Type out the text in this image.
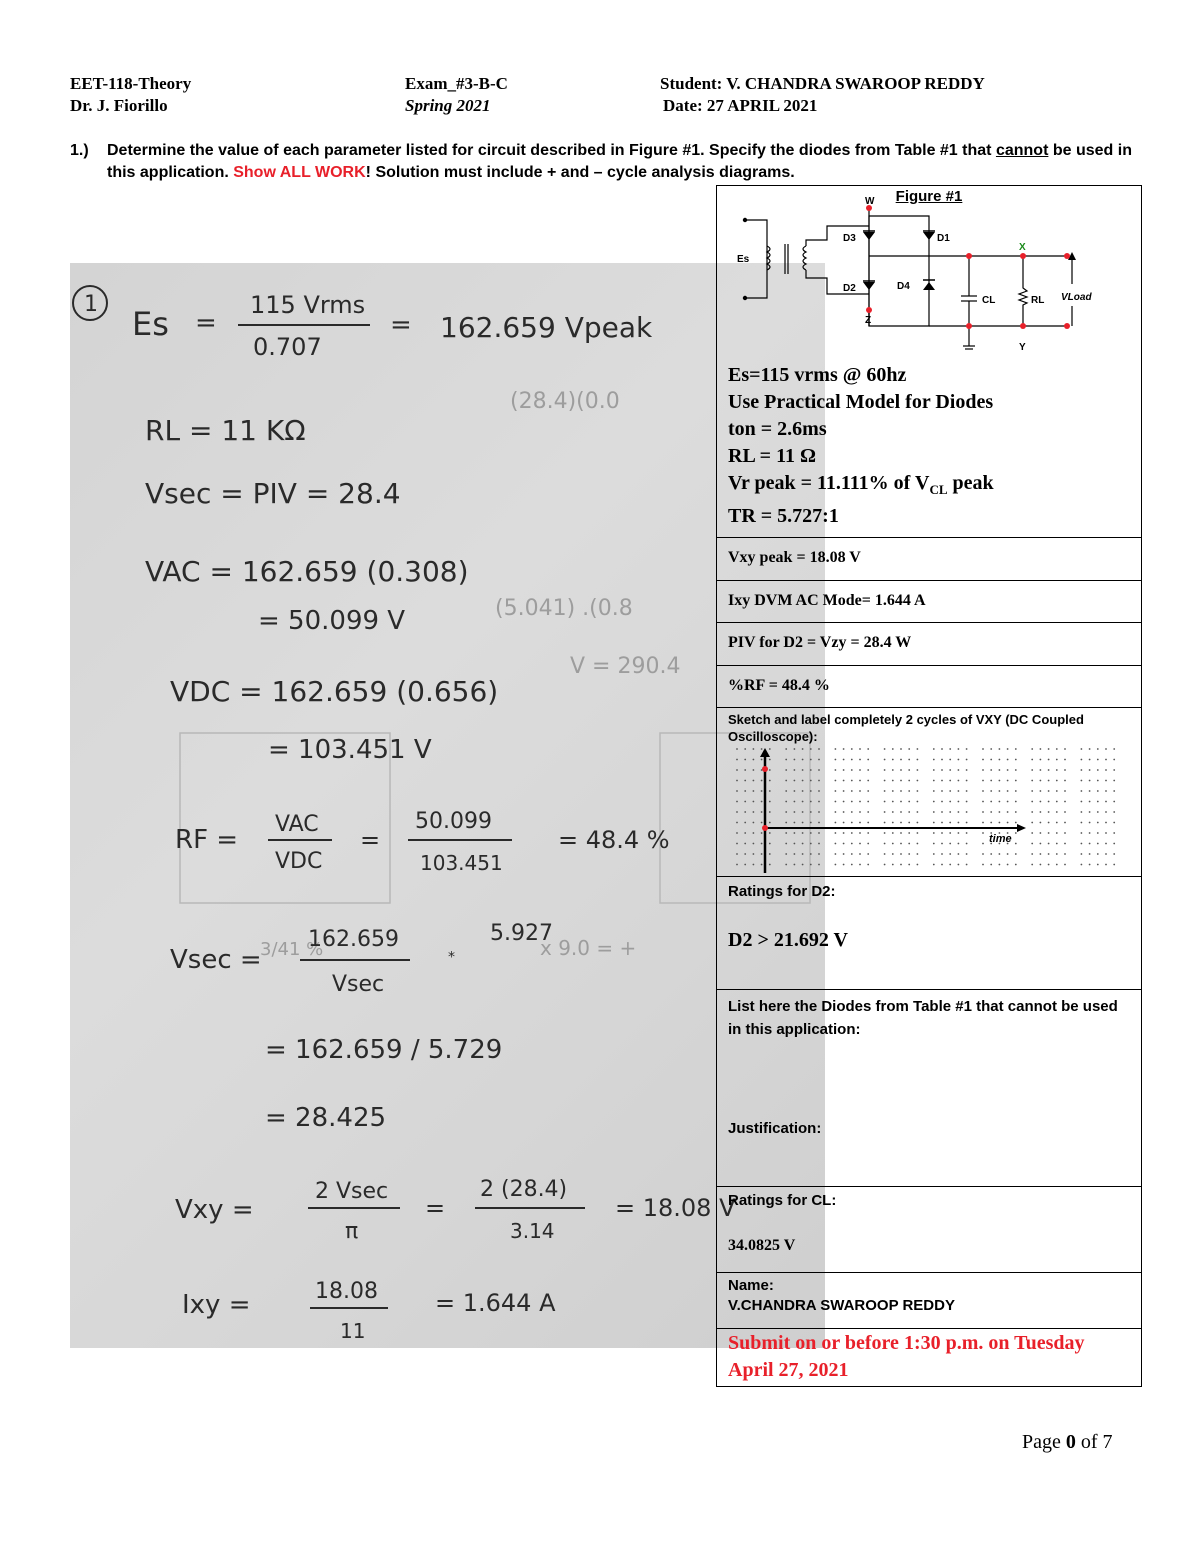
EET-118-Theory
Dr. J. Fiorillo
Exam_#3-B-C
Spring 2021
Student: V. CHANDRA SWAROOP REDDY
Date: 27 APRIL 2021
1.) Determine the value of each parameter listed for circuit described in Figure #1. Specify the diodes from Table #1 that cannot be used in this application. Show ALL WORK! Solution must include + and – cycle analysis diagrams.
(28.4)(0.0
V = 290.4
(5.041) .(0.8
x 9.0 = +
3/41 %
1
Es =
115 Vrms
0.707
= 162.659 Vpeak
RL = 11 KΩ
Vsec = PIV = 28.4
VAC = 162.659 (0.308)
= 50.099 V
VDC = 162.659 (0.656)
= 103.451 V
RF =
VAC
VDC
=
50.099
103.451
= 48.4 %
Vsec =
162.659
Vsec
⁎
5.927
= 162.659 / 5.729
= 28.425
Vxy =
2 Vsec
π
=
2 (28.4)
3.14
= 18.08 V
Ixy =	18.08
11
= 1.644 A
Figure #1
Es
W
Z
X
Y
D1
D2
D3
D4
CL	RL VLoad
Es=115 vrms @ 60hz
Use Practical Model for Diodes
ton = 2.6ms
RL = 11 Ω
Vr peak = 11.111% of $V_{CL}$ peak
TR = 5.727:1
Vxy peak = 18.08 V
Ixy DVM AC Mode= 1.644 A
PIV for D2 = Vzy = 28.4 W
%RF = 48.4 %
Sketch and label completely 2 cycles of VXY (DC Coupled Oscilloscope):
time
Ratings for D2:
D2 > 21.692 V
List here the Diodes from Table #1 that cannot be used in this application:
Justification:
Ratings for CL:
34.0825 V
Name:
V.CHANDRA SWAROOP REDDY
Submit on or before 1:30 p.m. on Tuesday April 27, 2021
Page 0 of 7
